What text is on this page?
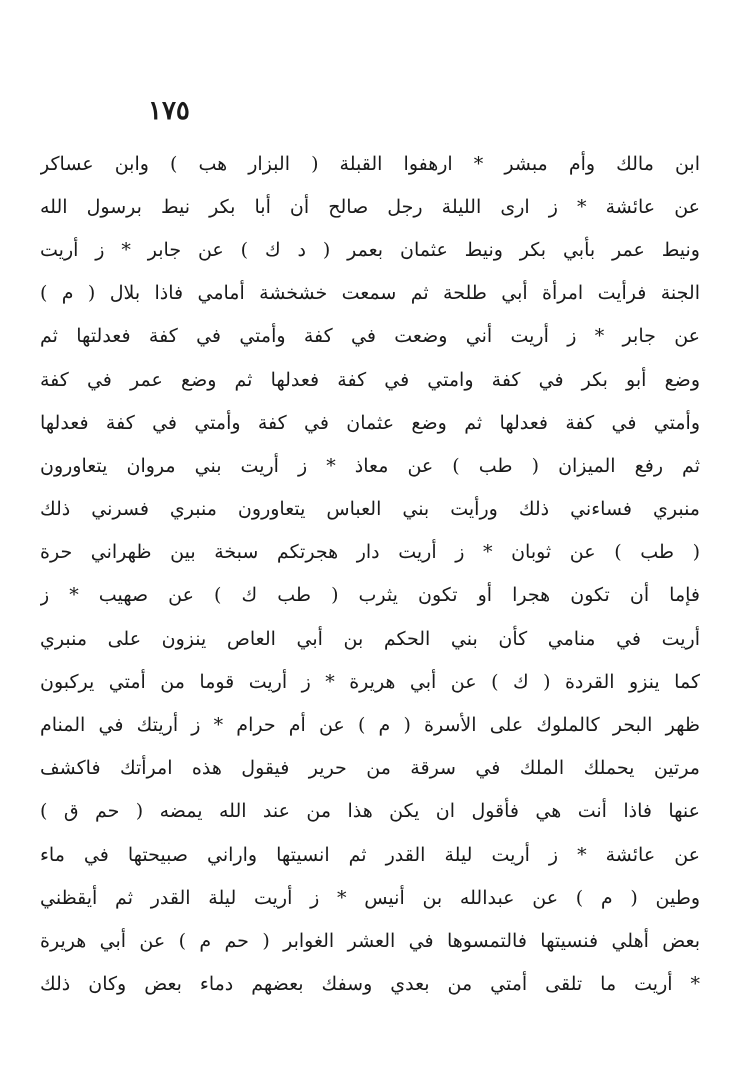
١٧٥
ابن مالك وأم مبشر * ارهفوا القبلة ( البزار هب ) وابن عساكر
عن عائشة * ز اری اللیلة رجل صالح أن أبا بکر نیط برسول الله
ونیط عمر بأبي بکر ونیط عثمان بعمر ( د ك ) عن جابر * ز أریت
الجنة فرأیت امرأة أبي طلحة ثم سمعت خشخشة أمامي فاذا بلال ( م )
عن جابر * ز أریت أني وضعت في کفة وأمتي في کفة فعدلتها ثم
وضع أبو بکر في کفة وامتي في کفة فعدلها ثم وضع عمر في کفة
وأمتي في کفة فعدلها ثم وضع عثمان في کفة وأمتي في کفة فعدلها
ثم رفع المیزان ( طب ) عن معاذ * ز أریت بني مروان یتعاورون
منبري فساءني ذلك ورأیت بني العباس یتعاورون منبري فسرني ذلك
( طب ) عن ثوبان * ز أریت دار هجرتکم سبخة بین ظهراني حرة
فإما أن تکون هجرا أو تکون یثرب ( طب ك ) عن صهیب * ز
أریت في منامي کأن بني الحکم بن أبي العاص ینزون على منبري
کما ینزو القردة ( ك ) عن أبي هریرة * ز أریت قوما من أمتي یرکبون
ظهر البحر کالملوك على الأسرة ( م ) عن أم حرام * ز أریتك في المنام
مرتین یحملك الملك في سرقة من حریر فیقول هذه امرأتك فاکشف
عنها فاذا أنت هي فأقول ان یکن هذا من عند الله یمضه ( حم ق )
عن عائشة * ز أریت لیلة القدر ثم انسیتها واراني صبیحتها في ماء
وطین ( م ) عن عبدالله بن أنیس * ز أریت لیلة القدر ثم أیقظني
بعض أهلي فنسیتها فالتمسوها في العشر الغوابر ( حم م ) عن أبي هریرة
* أریت ما تلقی أمتي من بعدي وسفك بعضهم دماء بعض وکان ذلك
